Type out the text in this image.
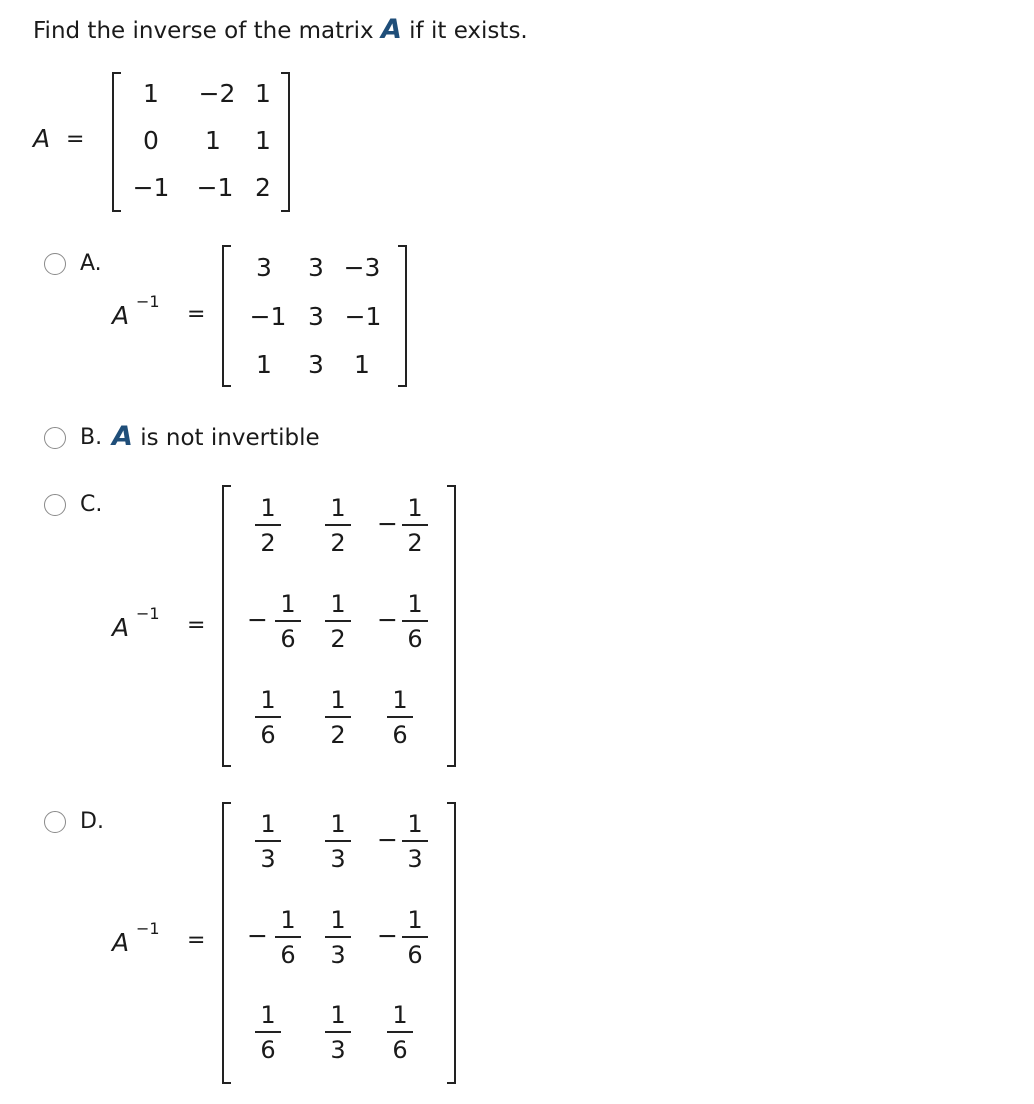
Find the inverse of the matrix A if it exists.
A =
1 −2 1
0 1 1
−1 −1 2
A.
A −1
=
3 3 −3
−1 3 −1
1 3 1
B. A is not invertible
C.
A −1 =
1
2
1
2
−
1
2
−
1
6
1
2
−
1
6
1
6
1
2
1
6
D.
A −1 =
1
3
1
3
−
1
3
−
1
6
1
3
−
1
6
1
6
1
3
1
6
